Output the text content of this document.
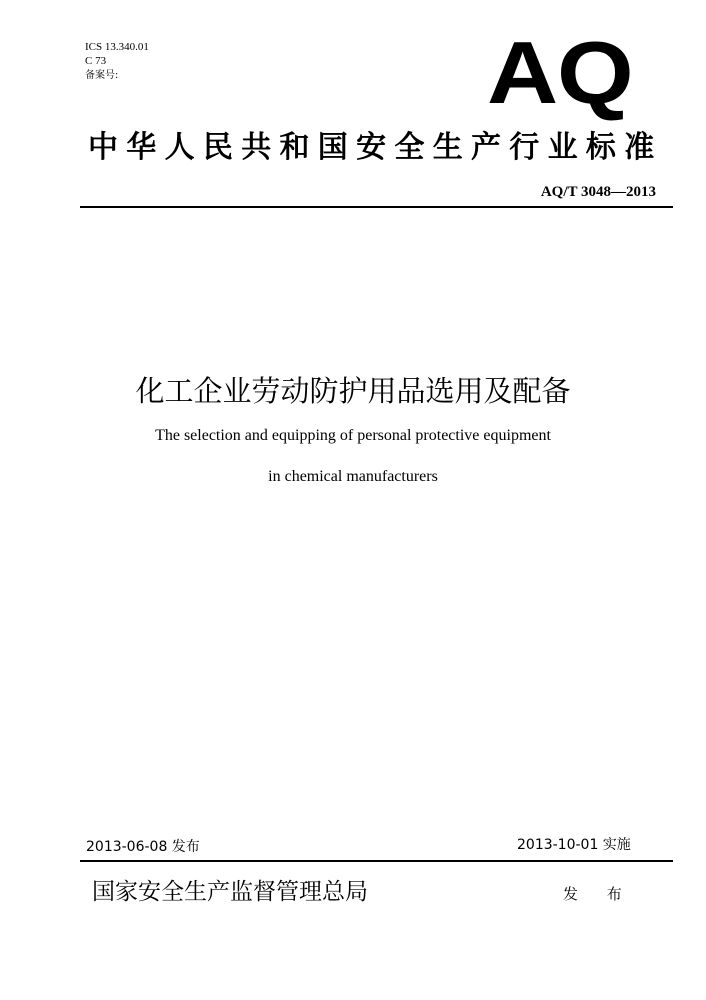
ICS 13.340.01
C 73
备案号:	AQ
中华人民共和国安全生产行业标准
AQ/T 3048—2013
化工企业劳动防护用品选用及配备
The selection and equipping of personal protective equipment
in chemical manufacturers
2013-06-08 发布	2013-10-01 实施
国家安全生产监督管理总局	发 布
